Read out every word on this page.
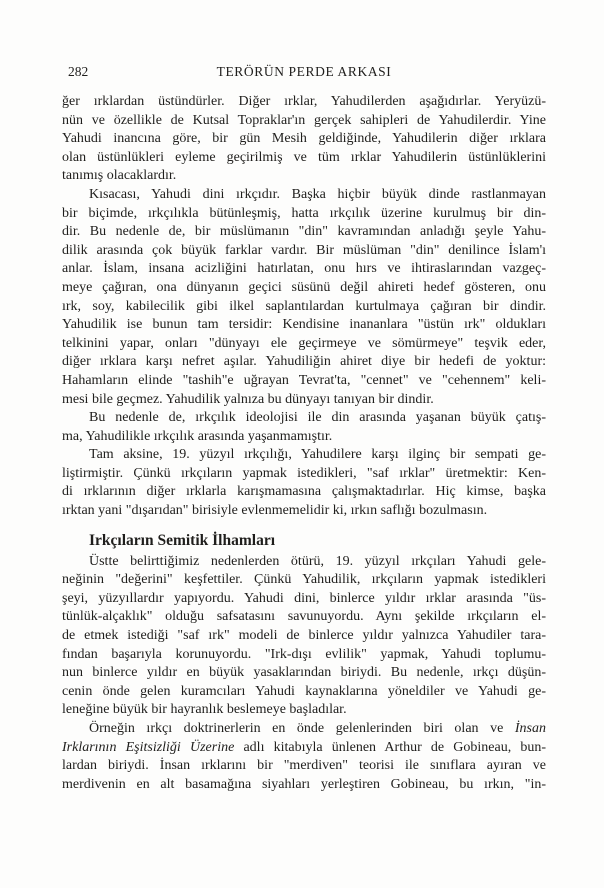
282	TERÖRÜN PERDE ARKASI
ğer ırklardan üstündürler. Diğer ırklar, Yahudilerden aşağıdırlar. Yeryüzü-
nün ve özellikle de Kutsal Topraklar'ın gerçek sahipleri de Yahudilerdir. Yine
Yahudi inancına göre, bir gün Mesih geldiğinde, Yahudilerin diğer ırklara
olan üstünlükleri eyleme geçirilmiş ve tüm ırklar Yahudilerin üstünlüklerini
tanımış olacaklardır.
Kısacası, Yahudi dini ırkçıdır. Başka hiçbir büyük dinde rastlanmayan
bir biçimde, ırkçılıkla bütünleşmiş, hatta ırkçılık üzerine kurulmuş bir din-
dir. Bu nedenle de, bir müslümanın "din" kavramından anladığı şeyle Yahu-
dilik arasında çok büyük farklar vardır. Bir müslüman "din" denilince İslam'ı
anlar. İslam, insana acizliğini hatırlatan, onu hırs ve ihtiraslarından vazgeç-
meye çağıran, ona dünyanın geçici süsünü değil ahireti hedef gösteren, onu
ırk, soy, kabilecilik gibi ilkel saplantılardan kurtulmaya çağıran bir dindir.
Yahudilik ise bunun tam tersidir: Kendisine inananlara "üstün ırk" oldukları
telkinini yapar, onları "dünyayı ele geçirmeye ve sömürmeye" teşvik eder,
diğer ırklara karşı nefret aşılar. Yahudiliğin ahiret diye bir hedefi de yoktur:
Hahamların elinde "tashih"e uğrayan Tevrat'ta, "cennet" ve "cehennem" keli-
mesi bile geçmez. Yahudilik yalnıza bu dünyayı tanıyan bir dindir.
Bu nedenle de, ırkçılık ideolojisi ile din arasında yaşanan büyük çatış-
ma, Yahudilikle ırkçılık arasında yaşanmamıştır.
Tam aksine, 19. yüzyıl ırkçılığı, Yahudilere karşı ilginç bir sempati ge-
liştirmiştir. Çünkü ırkçıların yapmak istedikleri, "saf ırklar" üretmektir: Ken-
di ırklarının diğer ırklarla karışmamasına çalışmaktadırlar. Hiç kimse, başka
ırktan yani "dışarıdan" birisiyle evlenmemelidir ki, ırkın saflığı bozulmasın.
Irkçıların Semitik İlhamları
Üstte belirttiğimiz nedenlerden ötürü, 19. yüzyıl ırkçıları Yahudi gele-
neğinin "değerini" keşfettiler. Çünkü Yahudilik, ırkçıların yapmak istedikleri
şeyi, yüzyıllardır yapıyordu. Yahudi dini, binlerce yıldır ırklar arasında "üs-
tünlük-alçaklık" olduğu safsatasını savunuyordu. Aynı şekilde ırkçıların el-
de etmek istediği "saf ırk" modeli de binlerce yıldır yalnızca Yahudiler tara-
fından başarıyla korunuyordu. "Irk-dışı evlilik" yapmak, Yahudi toplumu-
nun binlerce yıldır en büyük yasaklarından biriydi. Bu nedenle, ırkçı düşün-
cenin önde gelen kuramcıları Yahudi kaynaklarına yöneldiler ve Yahudi ge-
leneğine büyük bir hayranlık beslemeye başladılar.
Örneğin ırkçı doktrinerlerin en önde gelenlerinden biri olan ve İnsan
Irklarının Eşitsizliği Üzerine adlı kitabıyla ünlenen Arthur de Gobineau, bun-
lardan biriydi. İnsan ırklarını bir "merdiven" teorisi ile sınıflara ayıran ve
merdivenin en alt basamağına siyahları yerleştiren Gobineau, bu ırkın, "in-
